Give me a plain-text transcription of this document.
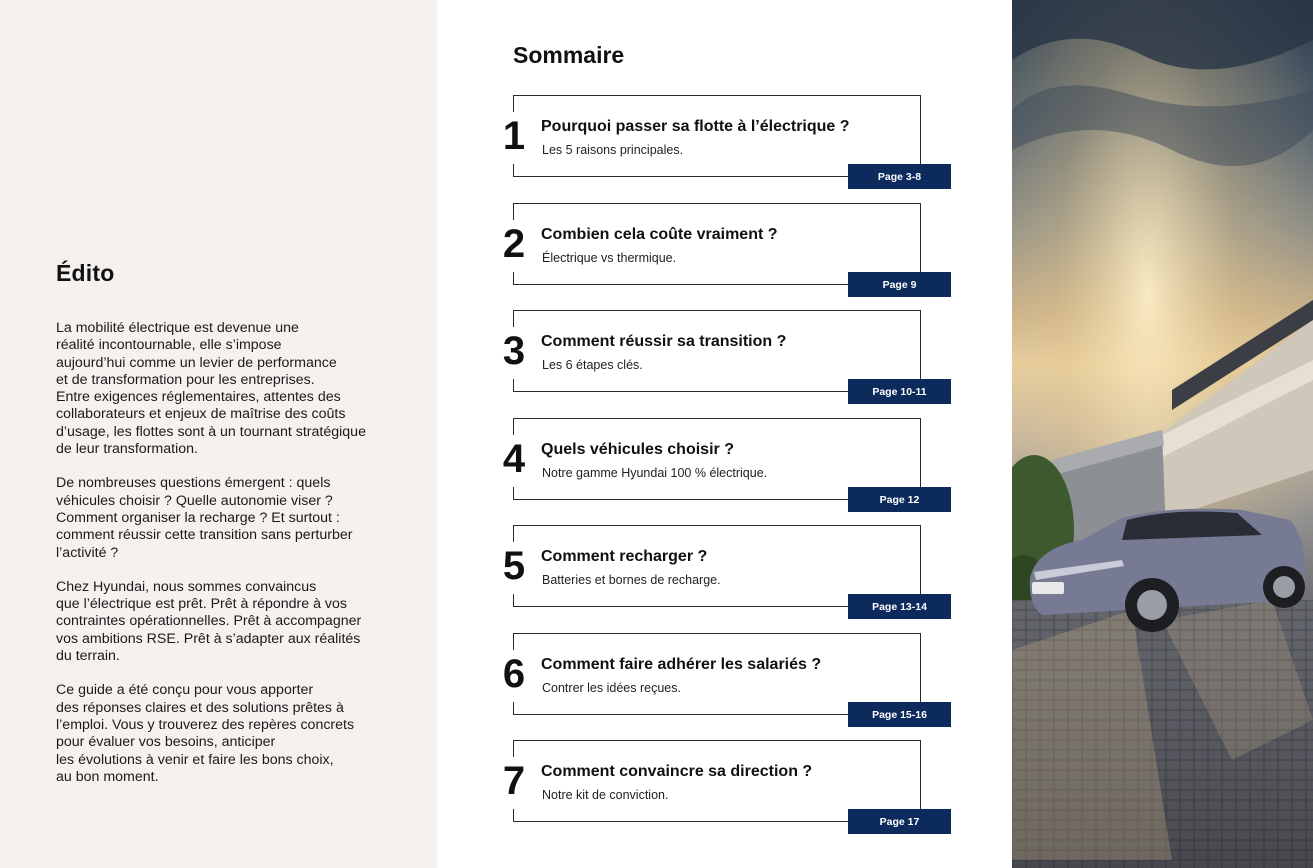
Édito

La mobilité électrique est devenue une
réalité incontournable, elle s’impose
aujourd’hui comme un levier de performance
et de transformation pour les entreprises.
Entre exigences réglementaires, attentes des
collaborateurs et enjeux de maîtrise des coûts
d’usage, les flottes sont à un tournant stratégique
de leur transformation.

De nombreuses questions émergent : quels
véhicules choisir ? Quelle autonomie viser ?
Comment organiser la recharge ? Et surtout :
comment réussir cette transition sans perturber
l’activité ?

Chez Hyundai, nous sommes convaincus
que l’électrique est prêt. Prêt à répondre à vos
contraintes opérationnelles. Prêt à accompagner
vos ambitions RSE. Prêt à s’adapter aux réalités
du terrain.

Ce guide a été conçu pour vous apporter
des réponses claires et des solutions prêtes à
l’emploi. Vous y trouverez des repères concrets
pour évaluer vos besoins, anticiper
les évolutions à venir et faire les bons choix,
au bon moment.

Sommaire
1 Pourquoi passer sa flotte à l’électrique ?
Les 5 raisons principales.
Page 3-8
2 Combien cela coûte vraiment ?
Électrique vs thermique.
Page 9
3 Comment réussir sa transition ?
Les 6 étapes clés.
Page 10-11
4 Quels véhicules choisir ?
Notre gamme Hyundai 100 % électrique.
Page 12
5 Comment recharger ?
Batteries et bornes de recharge.
Page 13-14
6 Comment faire adhérer les salariés ?
Contrer les idées reçues.
Page 15-16
7 Comment convaincre sa direction ?
Notre kit de conviction.
Page 17
